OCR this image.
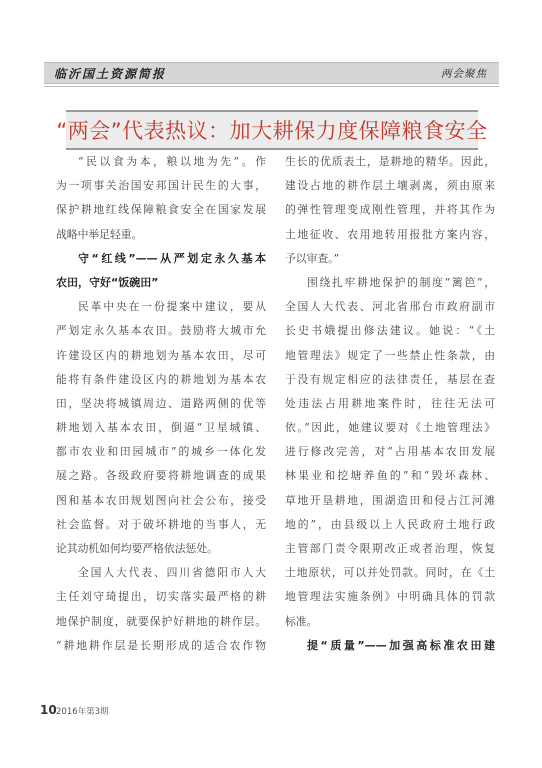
临沂国土资源简报	两会聚焦
“两会”代表热议：加大耕保力度保障粮食安全
“民以食为本，粮以地为先”。作
为一项事关治国安邦国计民生的大事，
保护耕地红线保障粮食安全在国家发展
战略中举足轻重。
守“红线”——从严划定永久基本
农田，守好“饭碗田”
民革中央在一份提案中建议，要从
严划定永久基本农田。鼓励将大城市允
许建设区内的耕地划为基本农田，尽可
能将有条件建设区内的耕地划为基本农
田，坚决将城镇周边、道路两侧的优等
耕地划入基本农田，倒逼“卫星城镇、
都市农业和田园城市”的城乡一体化发
展之路。各级政府要将耕地调查的成果
图和基本农田规划图向社会公布，接受
社会监督。对于破坏耕地的当事人，无
论其动机如何均要严格依法惩处。
全国人大代表、四川省德阳市人大
主任刘守琦提出，切实落实最严格的耕
地保护制度，就要保护好耕地的耕作层。
“耕地耕作层是长期形成的适合农作物
生长的优质表土，是耕地的精华。因此，
建设占地的耕作层土壤剥离，须由原来
的弹性管理变成刚性管理，并将其作为
土地征收、农用地转用报批方案内容，
予以审查。”
围绕扎牢耕地保护的制度“篱笆”，
全国人大代表、河北省邢台市政府副市
长史书娥提出修法建议。她说：“《土
地管理法》规定了一些禁止性条款，由
于没有规定相应的法律责任，基层在查
处违法占用耕地案件时，往往无法可
依。”因此，她建议要对《土地管理法》
进行修改完善，对“占用基本农田发展
林果业和挖塘养鱼的”和“毁坏森林、
草地开垦耕地，围湖造田和侵占江河滩
地的”，由县级以上人民政府土地行政
主管部门责令限期改正或者治理，恢复
土地原状，可以并处罚款。同时，在《土
地管理法实施条例》中明确具体的罚款
标准。
提“质量”——加强高标准农田建
10 2016年第3期
